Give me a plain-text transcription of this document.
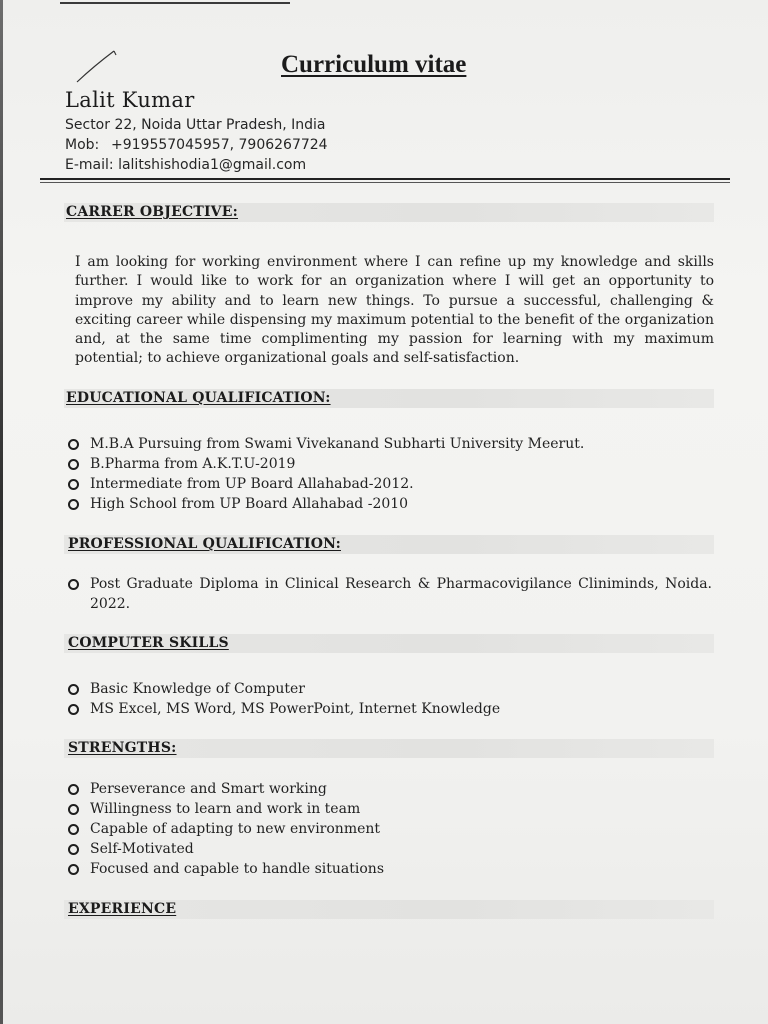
Curriculum vitae
Lalit Kumar
Sector 22, Noida Uttar Pradesh, India
Mob: +919557045957, 7906267724
E-mail: lalitshishodia1@gmail.com
CARRER OBJECTIVE:
I am looking for working environment where I can refine up my knowledge and skills further. I would like to work for an organization where I will get an opportunity to improve my ability and to learn new things. To pursue a successful, challenging & exciting career while dispensing my maximum potential to the benefit of the organization and, at the same time complimenting my passion for learning with my maximum potential; to achieve organizational goals and self-satisfaction.
EDUCATIONAL QUALIFICATION:
M.B.A Pursuing from Swami Vivekanand Subharti University Meerut.
B.Pharma from A.K.T.U-2019
Intermediate from UP Board Allahabad-2012.
High School from UP Board Allahabad -2010
PROFESSIONAL QUALIFICATION:
Post Graduate Diploma in Clinical Research & Pharmacovigilance Cliniminds, Noida. 2022.
COMPUTER SKILLS
Basic Knowledge of Computer
MS Excel, MS Word, MS PowerPoint, Internet Knowledge
STRENGTHS:
Perseverance and Smart working
Willingness to learn and work in team
Capable of adapting to new environment
Self-Motivated
Focused and capable to handle situations
EXPERIENCE
